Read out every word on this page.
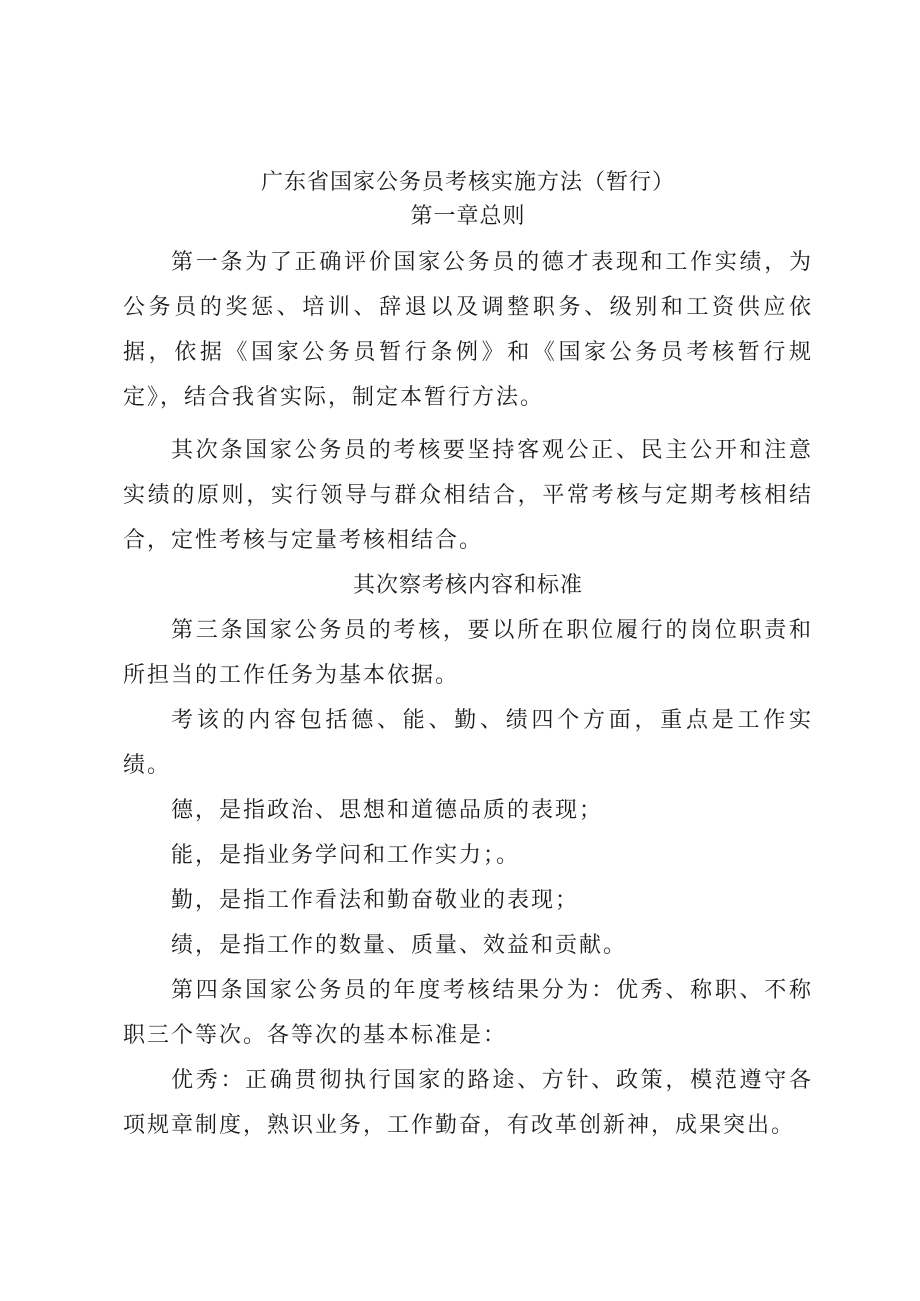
广东省国家公务员考核实施方法（暂行）
第一章总则

第一条为了正确评价国家公务员的德才表现和工作实绩，为公务员的奖惩、培训、辞退以及调整职务、级别和工资供应依据，依据《国家公务员暂行条例》和《国家公务员考核暂行规定》，结合我省实际，制定本暂行方法。

其次条国家公务员的考核要坚持客观公正、民主公开和注意实绩的原则，实行领导与群众相结合，平常考核与定期考核相结合，定性考核与定量考核相结合。

其次察考核内容和标准

第三条国家公务员的考核，要以所在职位履行的岗位职责和所担当的工作任务为基本依据。

考该的内容包括德、能、勤、绩四个方面，重点是工作实绩。

德，是指政治、思想和道德品质的表现；

能，是指业务学问和工作实力；。

勤，是指工作看法和勤奋敬业的表现；

绩，是指工作的数量、质量、效益和贡献。

第四条国家公务员的年度考核结果分为：优秀、称职、不称职三个等次。各等次的基本标准是：

优秀：正确贯彻执行国家的路途、方针、政策，模范遵守各项规章制度，熟识业务，工作勤奋，有改革创新神，成果突出。
